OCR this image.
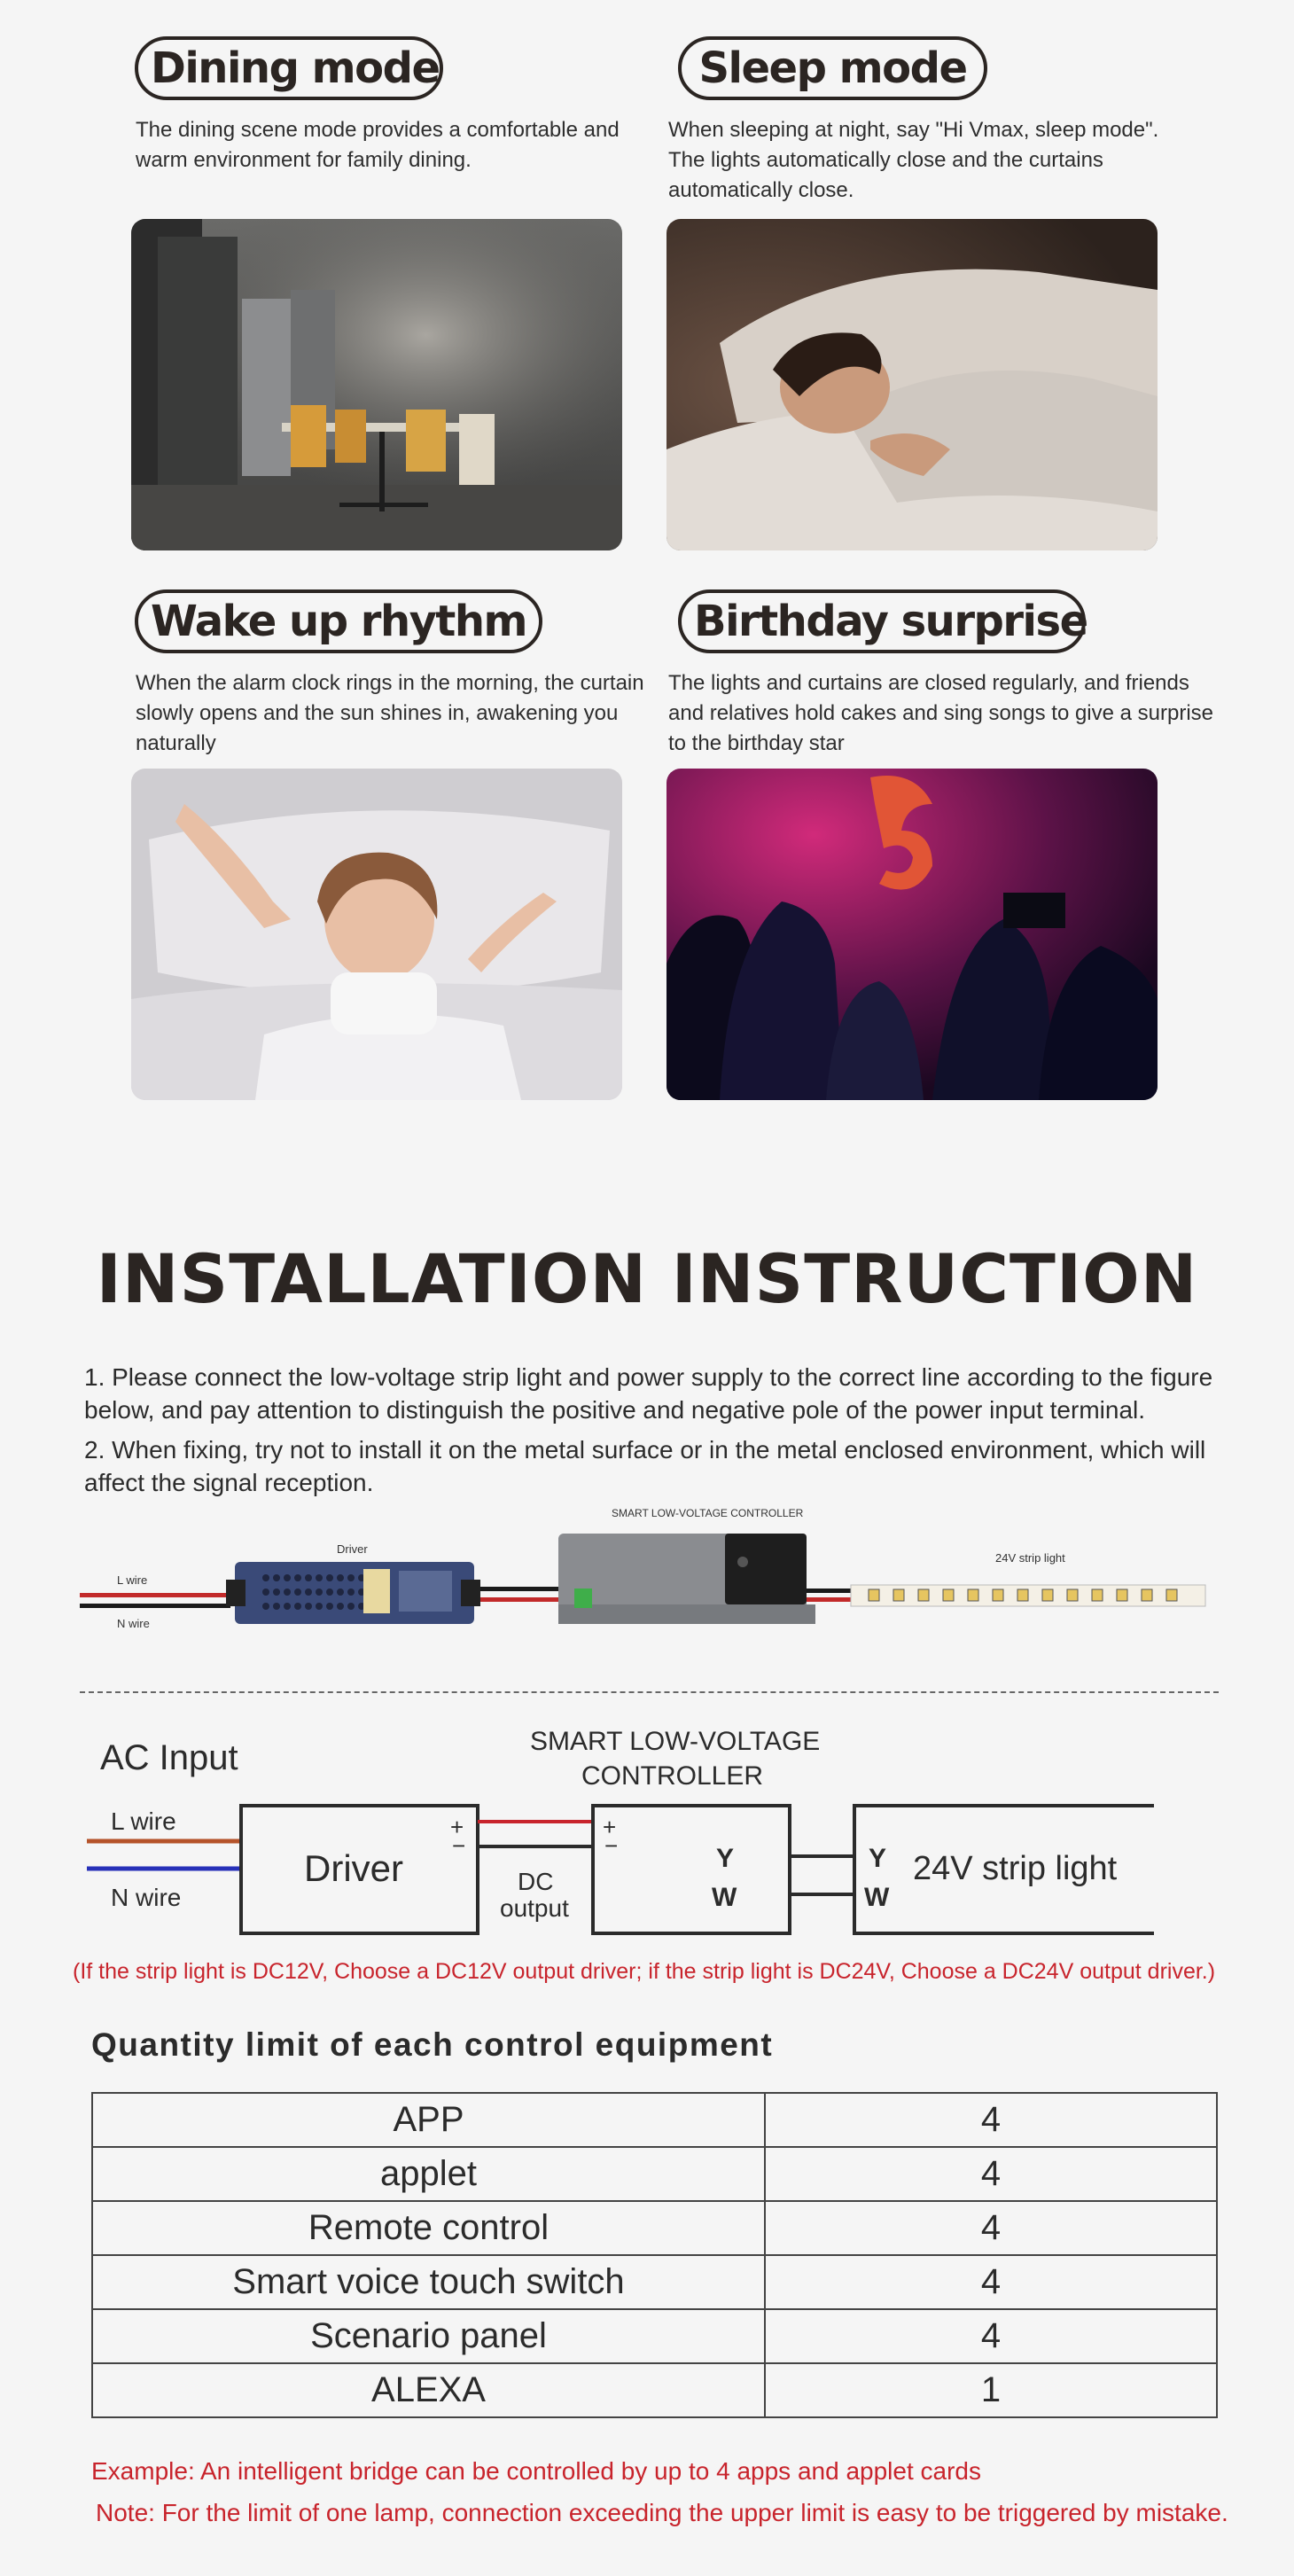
Dining mode
The dining scene mode provides a comfortable and warm environment for family dining.
Sleep mode
When sleeping at night, say "Hi Vmax, sleep mode". The lights automatically close and the curtains automatically close.
Wake up rhythm
When the alarm clock rings in the morning, the curtain slowly opens and the sun shines in, awakening you naturally
Birthday surprise
The lights and curtains are closed regularly, and friends and relatives hold cakes and sing songs to give a surprise to the birthday star
INSTALLATION INSTRUCTION
1. Please connect the low-voltage strip light and power supply to the correct line according to the figure below, and pay attention to distinguish the positive and negative pole of the power input terminal.
2. When fixing, try not to install it on the metal surface or in the metal enclosed environment, which will affect the signal reception.
L wire
N wire
Driver
SMART LOW-VOLTAGE CONTROLLER
24V strip light
AC Input
L wire
N wire
Driver
+
−
DC
output
SMART LOW-VOLTAGE
CONTROLLER
+
−	Y
W
Y
W
24V strip light
(If the strip light is DC12V, Choose a DC12V output driver; if the strip light is DC24V, Choose a DC24V output driver.)
Quantity limit of each control equipment
APP	4
applet	4
Remote control	4
Smart voice touch switch	4
Scenario panel	4
ALEXA	1
Example: An intelligent bridge can be controlled by up to 4 apps and applet cards
Note: For the limit of one lamp, connection exceeding the upper limit is easy to be triggered by mistake.
